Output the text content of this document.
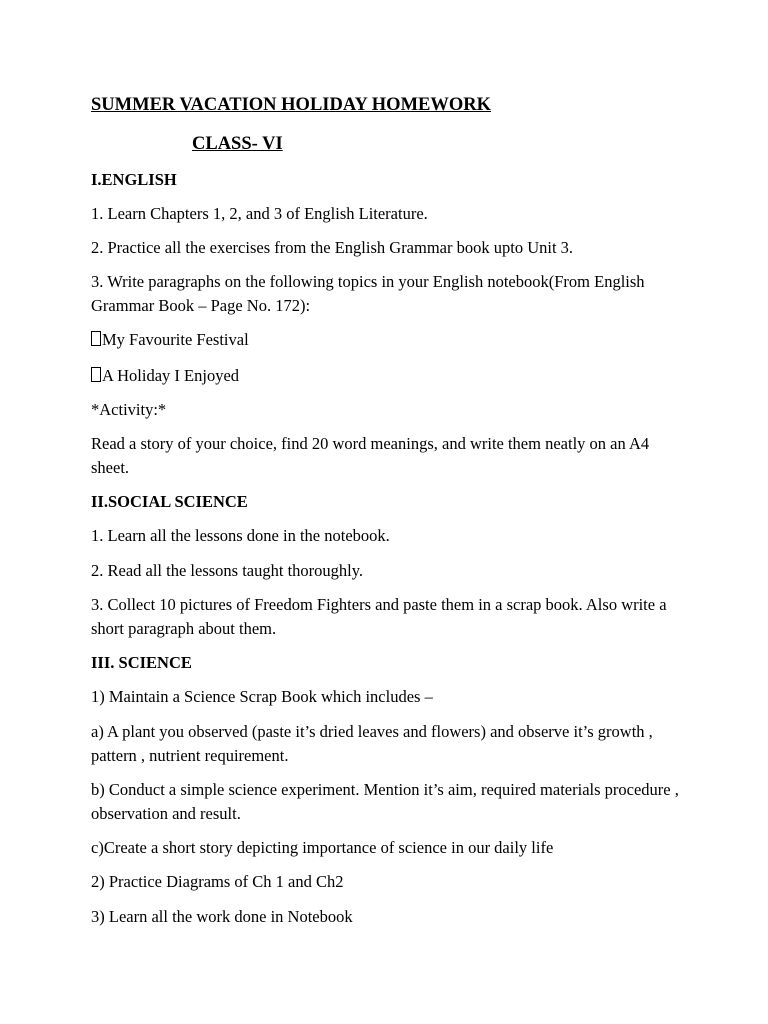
SUMMER VACATION HOLIDAY HOMEWORK
CLASS- VI
I.ENGLISH
1. Learn Chapters 1, 2, and 3 of English Literature.
2. Practice all the exercises from the English Grammar book upto Unit 3.
3. Write paragraphs on the following topics in your English notebook(From English Grammar Book – Page No. 172):
My Favourite Festival
A Holiday I Enjoyed
*Activity:*
Read a story of your choice, find 20 word meanings, and write them neatly on an A4 sheet.
II.SOCIAL SCIENCE
1. Learn all the lessons done in the notebook.
2. Read all the lessons taught thoroughly.
3. Collect 10 pictures of Freedom Fighters and paste them in a scrap book. Also write a short paragraph about them.
III. SCIENCE
1) Maintain a Science Scrap Book which includes –
a) A plant you observed (paste it’s dried leaves and flowers) and observe it’s growth , pattern , nutrient requirement.
b) Conduct a simple science experiment. Mention it’s aim, required materials procedure , observation and result.
c)Create a short story depicting importance of science in our daily life
2) Practice Diagrams of Ch 1 and Ch2
3) Learn all the work done in Notebook
